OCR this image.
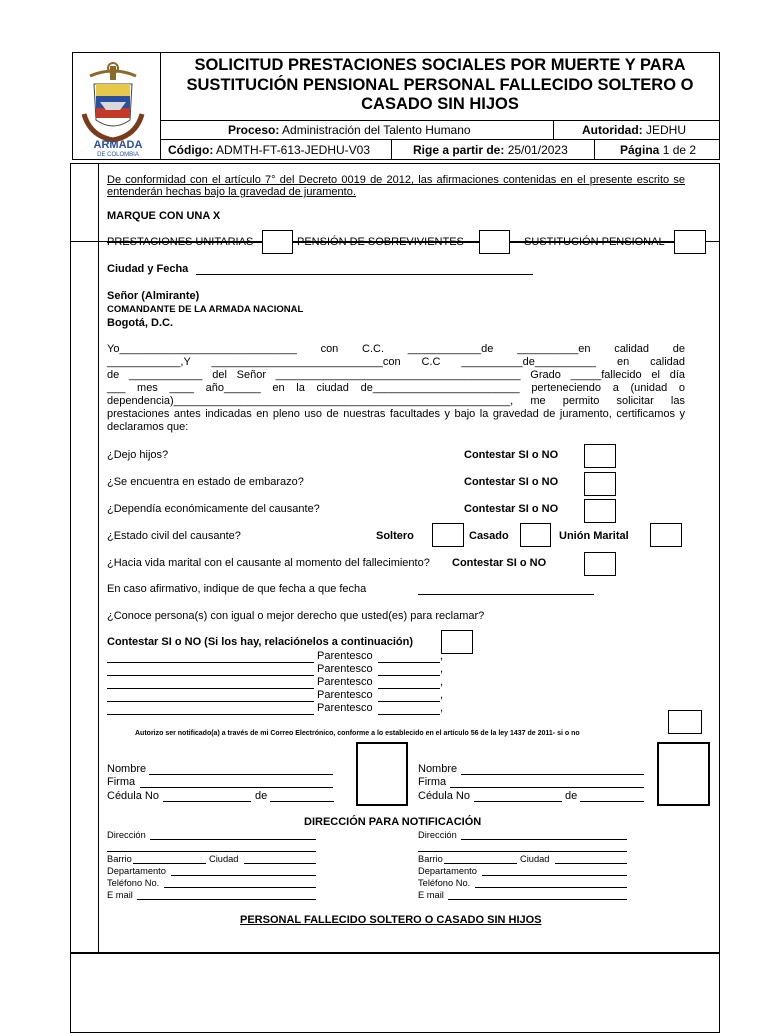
ARMADA
DE COLOMBIA
SOLICITUD PRESTACIONES SOCIALES POR MUERTE Y PARA SUSTITUCIÓN PENSIONAL PERSONAL FALLECIDO SOLTERO O CASADO SIN HIJOS
Proceso: Administración del Talento Humano	Autoridad: JEDHU
Código: ADMTH-FT-613-JEDHU-V03	Rige a partir de: 25/01/2023	Página 1 de 2
De conformidad con el artículo 7° del Decreto 0019 de 2012, las afirmaciones contenidas en el presente escrito se entenderán hechas bajo la gravedad de juramento.
MARQUE CON UNA X
PRESTACIONES UNITARIAS	PENSIÓN DE SOBREVIVIENTES	SUSTITUCIÓN PENSIONAL
Ciudad y Fecha
Señor (Almirante)
COMANDANTE DE LA ARMADA NACIONAL
Bogotá, D.C.
Yo_____________________________ con C.C. ____________de __________en calidad de
____________,Y ____________________________con C.C __________de__________ en calidad
de ____________ del Señor ________________________________________ Grado _____fallecido el día
___ mes ____ año______ en la ciudad de________________________ perteneciendo a (unidad o
dependencia)_______________________________________________________, me permito solicitar las
prestaciones antes indicadas en pleno uso de nuestras facultades y bajo la gravedad de juramento, certificamos y
declaramos que:
¿Dejo hijos?	Contestar SI o NO
¿Se encuentra en estado de embarazo?	Contestar SI o NO
¿Dependía económicamente del causante?	Contestar SI o NO
¿Estado civil del causante?	Soltero	Casado	Unión Marital
¿Hacia vida marital con el causante al momento del fallecimiento? Contestar SI o NO
En caso afirmativo, indique de que fecha a que fecha
¿Conoce persona(s) con igual o mejor derecho que usted(es) para reclamar?
Contestar SI o NO (Si los hay, relaciónelos a continuación)
Parentesco	,
Parentesco	,
Parentesco	,
Parentesco	,
Parentesco	,
Autorizo ser notificado(a) a través de mi Correo Electrónico, conforme a lo establecido en el artículo 56 de la ley 1437 de 2011- si o no
Nombre
Firma
Cédula No	de
Nombre
Firma
Cédula No	de
DIRECCIÓN PARA NOTIFICACIÓN
Dirección
Barrio	Ciudad
Departamento
Teléfono No.
E mail
Dirección
Barrio	Ciudad
Departamento
Teléfono No.
E mail
PERSONAL FALLECIDO SOLTERO O CASADO SIN HIJOS
